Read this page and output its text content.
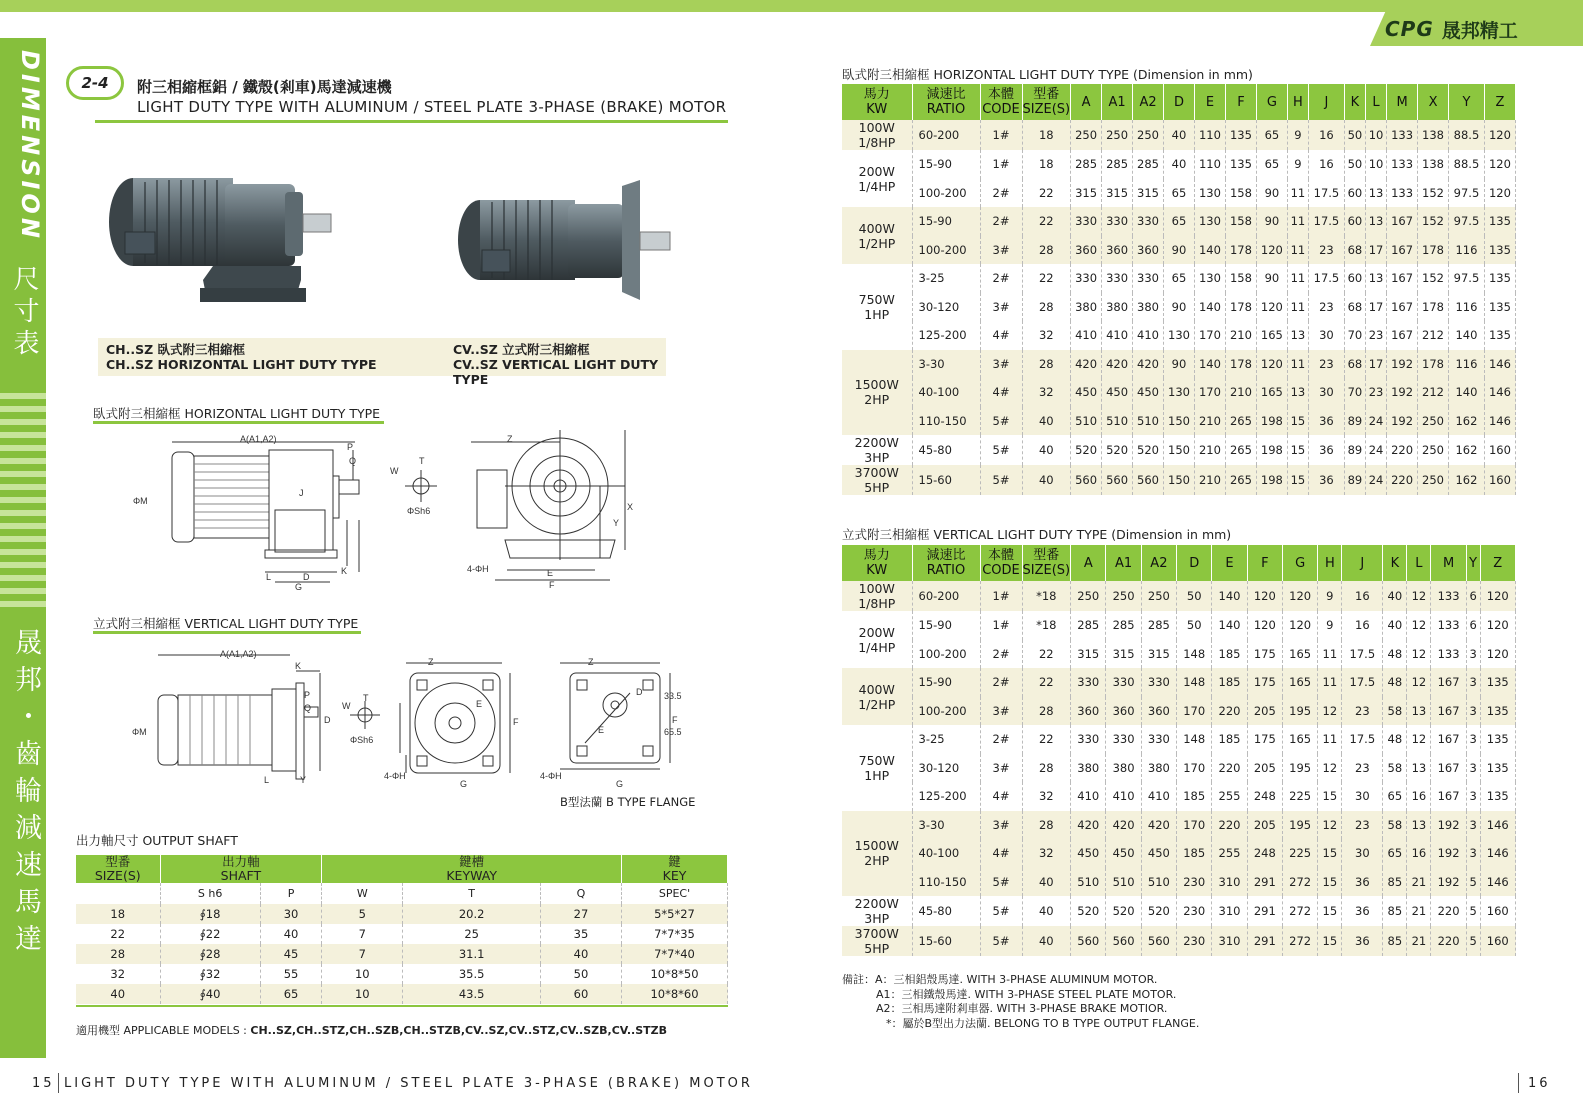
CPG 晟邦精工
DIMENSION
尺寸表
晟邦・齒輪減速馬達
2-4	附三相縮框鋁 / 鐵殼(剎車)馬達減速機
LIGHT DUTY TYPE WITH ALUMINUM / STEEL PLATE 3-PHASE (BRAKE) MOTOR
CH..SZ 臥式附三相縮框
CH..SZ HORIZONTAL LIGHT DUTY TYPE
CV..SZ 立式附三相縮框
CV..SZ VERTICAL LIGHT DUTY TYPE
臥式附三相縮框 HORIZONTAL LIGHT DUTY TYPE
A(A1,A2)
P
Q
W
T
ΦM
J
ΦSh6
Z
X
Y
D
K
L
G
4-ΦH	E
F
立式附三相縮框 VERTICAL LIGHT DUTY TYPE
A(A1,A2)
K
P
Q
D
W
T
ΦSh6
ΦM
L	Y
Z
E
F
4-ΦH
G
Z
D
E
F
33.5
65.5
4-ΦH
G
B型法蘭 B TYPE FLANGE
出力軸尺寸 OUTPUT SHAFT
型番
SIZE(S)	出力軸
SHAFT		鍵槽
KEYWAY			鍵
KEY
	S h6	P	W	T	Q	SPEC'
18	∮18	30	5	20.2	27	5*5*27
22	∮22	40	7	25	35	7*7*35
28	∮28	45	7	31.1	40	7*7*40
32	∮32	55	10	35.5	50	10*8*50
40	∮40	65	10	43.5	60	10*8*60
適用機型 APPLICABLE MODELS : CH..SZ,CH..STZ,CH..SZB,CH..STZB,CV..SZ,CV..STZ,CV..SZB,CV..STZB
臥式附三相縮框 HORIZONTAL LIGHT DUTY TYPE (Dimension in mm)
馬力
KW	減速比
RATIO	本體
CODE	型番
SIZE(S)	A	A1	A2	D	E	F	G	H	J	K	L	M	X	Y	Z
100W
1/8HP	60-200	1#	18	250	250	250	40	110	135	65	9	16	50	10	133	138	88.5	120
200W
1/4HP	15-90	1#	18	285	285	285	40	110	135	65	9	16	50	10	133	138	88.5	120
	100-200	2#	22	315	315	315	65	130	158	90	11	17.5	60	13	133	152	97.5	120
400W
1/2HP	15-90	2#	22	330	330	330	65	130	158	90	11	17.5	60	13	167	152	97.5	135
	100-200	3#	28	360	360	360	90	140	178	120	11	23	68	17	167	178	116	135
750W
1HP	3-25	2#	22	330	330	330	65	130	158	90	11	17.5	60	13	167	152	97.5	135
	30-120	3#	28	380	380	380	90	140	178	120	11	23	68	17	167	178	116	135
	125-200	4#	32	410	410	410	130	170	210	165	13	30	70	23	167	212	140	135
1500W
2HP	3-30	3#	28	420	420	420	90	140	178	120	11	23	68	17	192	178	116	146
	40-100	4#	32	450	450	450	130	170	210	165	13	30	70	23	192	212	140	146
	110-150	5#	40	510	510	510	150	210	265	198	15	36	89	24	192	250	162	146
2200W
3HP	45-80	5#	40	520	520	520	150	210	265	198	15	36	89	24	220	250	162	160
3700W
5HP	15-60	5#	40	560	560	560	150	210	265	198	15	36	89	24	220	250	162	160
立式附三相縮框 VERTICAL LIGHT DUTY TYPE (Dimension in mm)
馬力
KW	減速比
RATIO	本體
CODE	型番
SIZE(S)	A	A1	A2	D	E	F	G	H	J	K	L	M	Y	Z
100W
1/8HP	60-200	1#	*18	250	250	250	50	140	120	120	9	16	40	12	133	6	120
200W
1/4HP	15-90	1#	*18	285	285	285	50	140	120	120	9	16	40	12	133	6	120
	100-200	2#	22	315	315	315	148	185	175	165	11	17.5	48	12	133	3	120
400W
1/2HP	15-90	2#	22	330	330	330	148	185	175	165	11	17.5	48	12	167	3	135
	100-200	3#	28	360	360	360	170	220	205	195	12	23	58	13	167	3	135
750W
1HP	3-25	2#	22	330	330	330	148	185	175	165	11	17.5	48	12	167	3	135
	30-120	3#	28	380	380	380	170	220	205	195	12	23	58	13	167	3	135
	125-200	4#	32	410	410	410	185	255	248	225	15	30	65	16	167	3	135
1500W
2HP	3-30	3#	28	420	420	420	170	220	205	195	12	23	58	13	192	3	146
	40-100	4#	32	450	450	450	185	255	248	225	15	30	65	16	192	3	146
	110-150	5#	40	510	510	510	230	310	291	272	15	36	85	21	192	5	146
2200W
3HP	45-80	5#	40	520	520	520	230	310	291	272	15	36	85	21	220	5	160
3700W
5HP	15-60	5#	40	560	560	560	230	310	291	272	15	36	85	21	220	5	160
備註：A：三相鋁殼馬達. WITH 3-PHASE ALUMINUM MOTOR.
A1：三相鐵殼馬達. WITH 3-PHASE STEEL PLATE MOTOR.
A2：三相馬達附剎車器. WITH 3-PHASE BRAKE MOTIOR.
*：屬於B型出力法蘭. BELONG TO B TYPE OUTPUT FLANGE.
15 LIGHT DUTY TYPE WITH ALUMINUM / STEEL PLATE 3-PHASE (BRAKE) MOTOR	16
